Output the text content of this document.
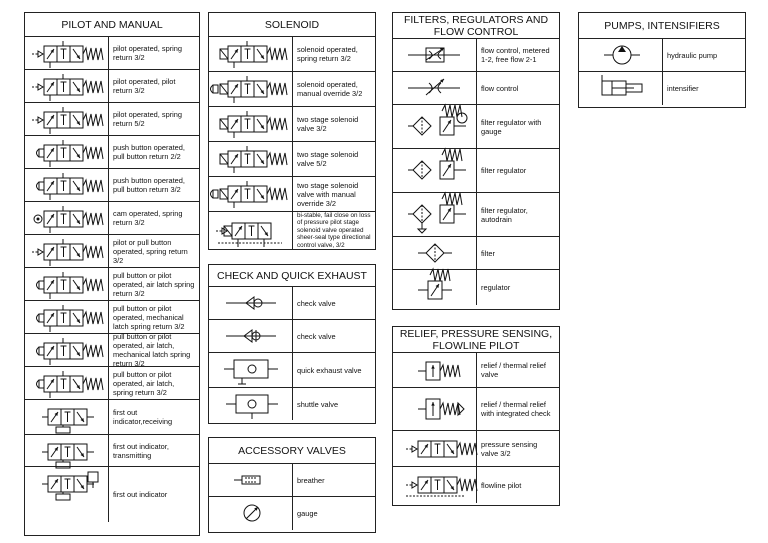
PILOT AND MANUAL
pilot operated, spring return 3/2
pilot operated, pilot return 3/2
pilot operated, spring return 5/2
push button operated, pull button return 2/2
push button operated, pull button return 3/2
cam operated, spring return 3/2
pilot or pull button operated, spring return 3/2
pull button or pilot operated, air latch spring return 3/2
pull button or pilot operated, mechanical latch spring return 3/2
pull button or pilot operated, air latch, mechanical latch spring return 3/2
pull button or pilot operated, air latch, spring return 3/2
first out indicator,receiving
first out indicator, transmitting
first out indicator
SOLENOID
solenoid operated, spring return 3/2
solenoid operated, manual override 3/2
two stage solenoid valve 3/2
two stage solenoid valve 5/2
two stage solenoid valve with manual override 3/2
bi-stable, fail close on loss of pressure pilot stage solenoid valve operated sheer-seal type directional control valve, 3/2
CHECK AND QUICK EXHAUST
check valve
check valve
quick exhaust valve
shuttle valve
ACCESSORY VALVES
breather
gauge
FILTERS, REGULATORS AND FLOW CONTROL
flow control, metered 1-2, free flow 2-1
flow control
filter regulator with gauge
filter regulator
filter regulator, autodrain
filter
regulator
RELIEF, PRESSURE SENSING, FLOWLINE PILOT
relief / thermal relief valve
relief / thermal relief with integrated check
pressure sensing valve 3/2
flowline pilot
PUMPS, INTENSIFIERS
hydraulic pump
intensifier
